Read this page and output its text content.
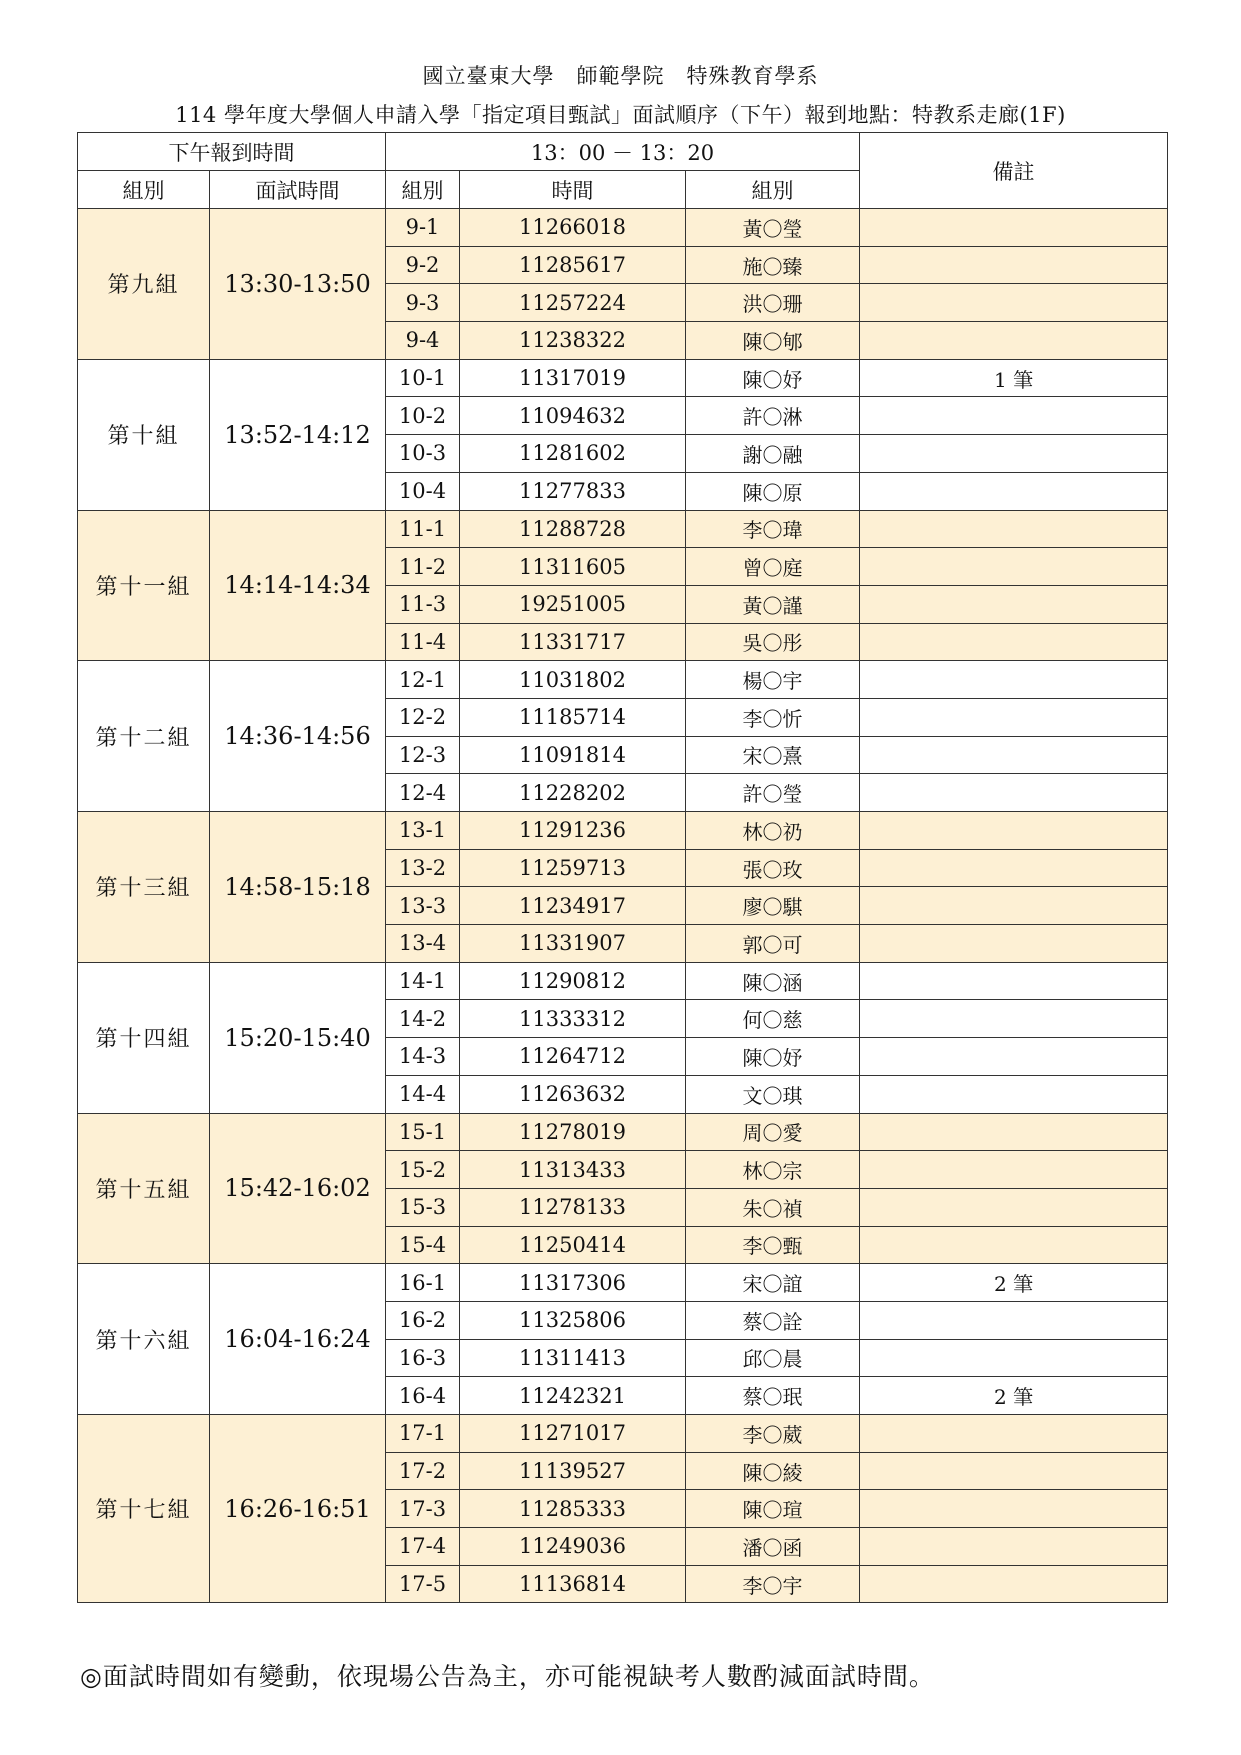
國立臺東大學　師範學院　特殊教育學系
114 學年度大學個人申請入學「指定項目甄試」面試順序（下午）報到地點：特教系走廊(1F)
下午報到時間		13：00 － 13：20			備註
組別	面試時間	組別	時間	組別	
第九組	13:30-13:50	9-1	11266018	黃〇瑩	
		9-2	11285617	施〇臻	
		9-3	11257224	洪〇珊	
		9-4	11238322	陳〇郇	
第十組	13:52-14:12	10-1	11317019	陳〇妤	1 筆
		10-2	11094632	許〇淋	
		10-3	11281602	謝〇融	
		10-4	11277833	陳〇原	
第十一組	14:14-14:34	11-1	11288728	李〇瑋	
		11-2	11311605	曾〇庭	
		11-3	19251005	黃〇謹	
		11-4	11331717	吳〇彤	
第十二組	14:36-14:56	12-1	11031802	楊〇宇	
		12-2	11185714	李〇忻	
		12-3	11091814	宋〇熹	
		12-4	11228202	許〇瑩	
第十三組	14:58-15:18	13-1	11291236	林〇礽	
		13-2	11259713	張〇玫	
		13-3	11234917	廖〇騏	
		13-4	11331907	郭〇可	
第十四組	15:20-15:40	14-1	11290812	陳〇涵	
		14-2	11333312	何〇慈	
		14-3	11264712	陳〇妤	
		14-4	11263632	文〇琪	
第十五組	15:42-16:02	15-1	11278019	周〇愛	
		15-2	11313433	林〇宗	
		15-3	11278133	朱〇禎	
		15-4	11250414	李〇甄	
第十六組	16:04-16:24	16-1	11317306	宋〇誼	2 筆
		16-2	11325806	蔡〇詮	
		16-3	11311413	邱〇晨	
		16-4	11242321	蔡〇珉	2 筆
第十七組	16:26-16:51	17-1	11271017	李〇葳	
		17-2	11139527	陳〇綾	
		17-3	11285333	陳〇瑄	
		17-4	11249036	潘〇函	
		17-5	11136814	李〇宇	
◎面試時間如有變動，依現場公告為主，亦可能視缺考人數酌減面試時間。
